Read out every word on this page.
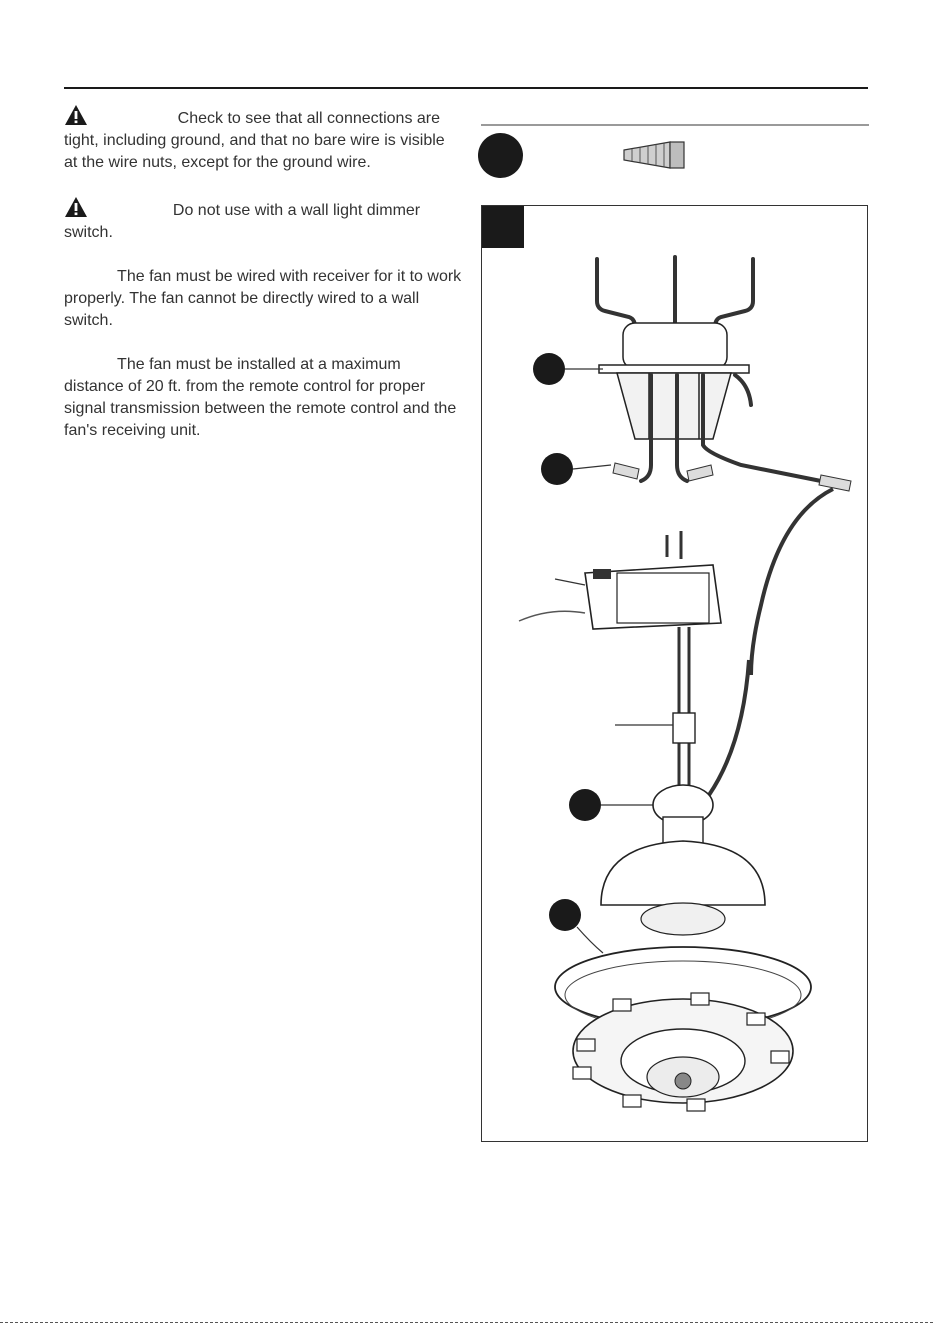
WARNING: Check to see that all connections are tight, including ground, and that no bare wire is visible at the wire nuts, except for the ground wire.

CAUTION: Do not use with a wall light dimmer switch.

NOTE: The fan must be wired with receiver for it to work properly. The fan cannot be directly wired to a wall switch.

NOTE: The fan must be installed at a maximum distance of 20 ft. from the remote control for proper signal transmission between the remote control and the fan's receiving unit.
